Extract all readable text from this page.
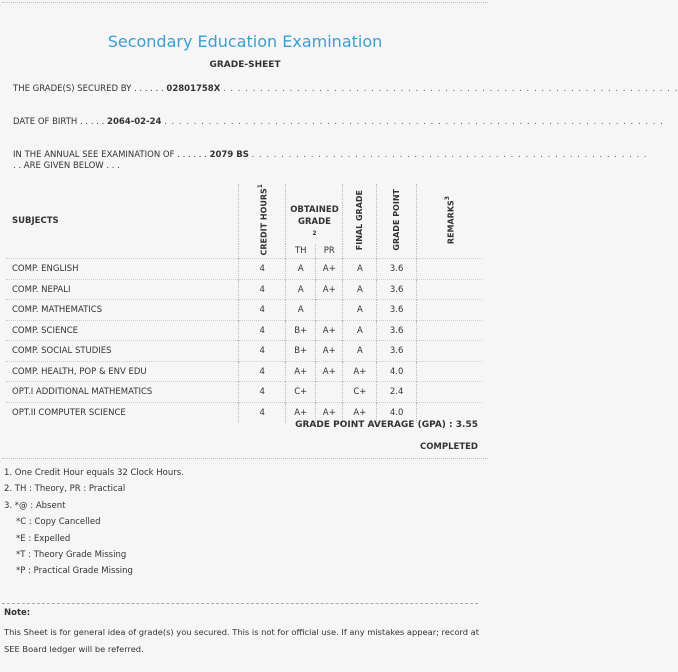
Secondary Education Examination
GRADE-SHEET
THE GRADE(S) SECURED BY . . . . . . 02801758X . . . . . . . . . . . . . . . . . . . . . . . . . . . . . . . . . . . . . . . . . . . . . . . . . . . . . . . . . . . . . .
DATE OF BIRTH . . . . . 2064-02-24 . . . . . . . . . . . . . . . . . . . . . . . . . . . . . . . . . . . . . . . . . . . . . . . . . . . . . . . . . . . . . . . . . . . .
IN THE ANNUAL SEE EXAMINATION OF . . . . . . 2079 BS . . . . . . . . . . . . . . . . . . . . . . . . . . . . . . . . . . . . . . . . . . . . . . . . . . . . . .
. . ARE GIVEN BELOW . . .
SUBJECTS	CREDIT HOURS$^1$	OBTAINED GRADE$^2$		FINAL GRADE	GRADE POINT	REMARKS$^3$
		TH	PR			
COMP. ENGLISH	4	A	A+	A	3.6	
COMP. NEPALI	4	A	A+	A	3.6	
COMP. MATHEMATICS	4	A		A	3.6	
COMP. SCIENCE	4	B+	A+	A	3.6	
COMP. SOCIAL STUDIES	4	B+	A+	A	3.6	
COMP. HEALTH, POP & ENV EDU	4	A+	A+	A+	4.0	
OPT.I ADDITIONAL MATHEMATICS	4	C+		C+	2.4	
OPT.II COMPUTER SCIENCE	4	A+	A+	A+	4.0	
GRADE POINT AVERAGE (GPA) : 3.55
COMPLETED
1. One Credit Hour equals 32 Clock Hours.
2. TH : Theory, PR : Practical
3. *@ : Absent
*C : Copy Cancelled
*E : Expelled
*T : Theory Grade Missing
*P : Practical Grade Missing
Note:
This Sheet is for general idea of grade(s) you secured. This is not for official use. If any mistakes appear; record at SEE Board ledger will be referred.
